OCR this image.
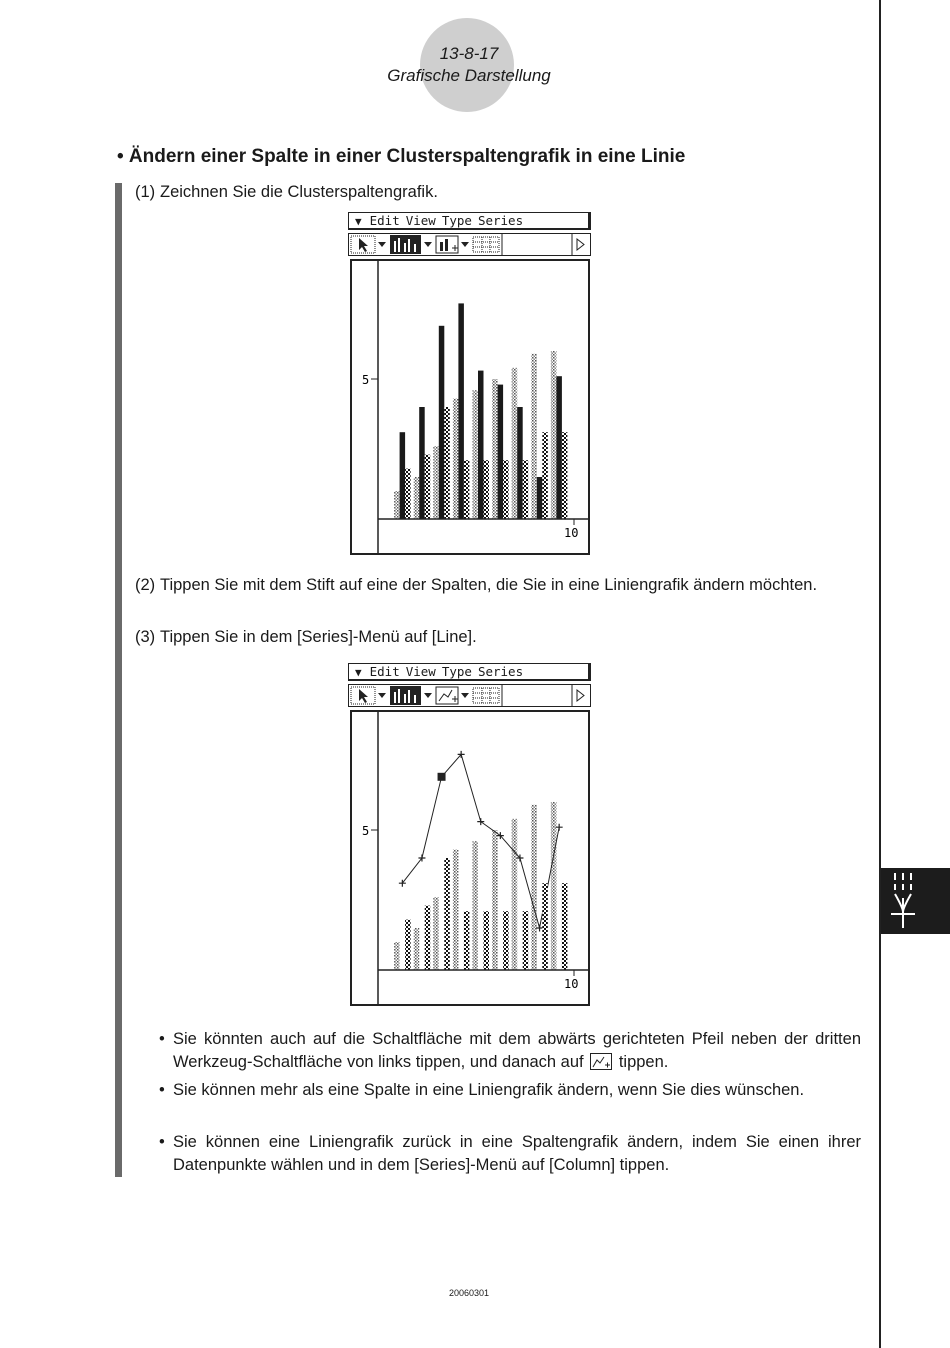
13-8-17
Grafische Darstellung
• Ändern einer Spalte in einer Clusterspaltengrafik in eine Linie
(1) Zeichnen Sie die Clusterspaltengrafik.
▼ Edit View Type Series
5
10
(2) Tippen Sie mit dem Stift auf eine der Spalten, die Sie in eine Liniengrafik ändern möchten.
(3) Tippen Sie in dem [Series]-Menü auf [Line].
▼ Edit View Type Series
5
10
• Sie könnten auch auf die Schaltfläche mit dem abwärts gerichteten Pfeil neben der dritten Werkzeug-Schaltfläche von links tippen, und danach auf tippen.
• Sie können mehr als eine Spalte in eine Liniengrafik ändern, wenn Sie dies wünschen.
• Sie können eine Liniengrafik zurück in eine Spaltengrafik ändern, indem Sie einen ihrer Datenpunkte wählen und in dem [Series]-Menü auf [Column] tippen.
20060301
